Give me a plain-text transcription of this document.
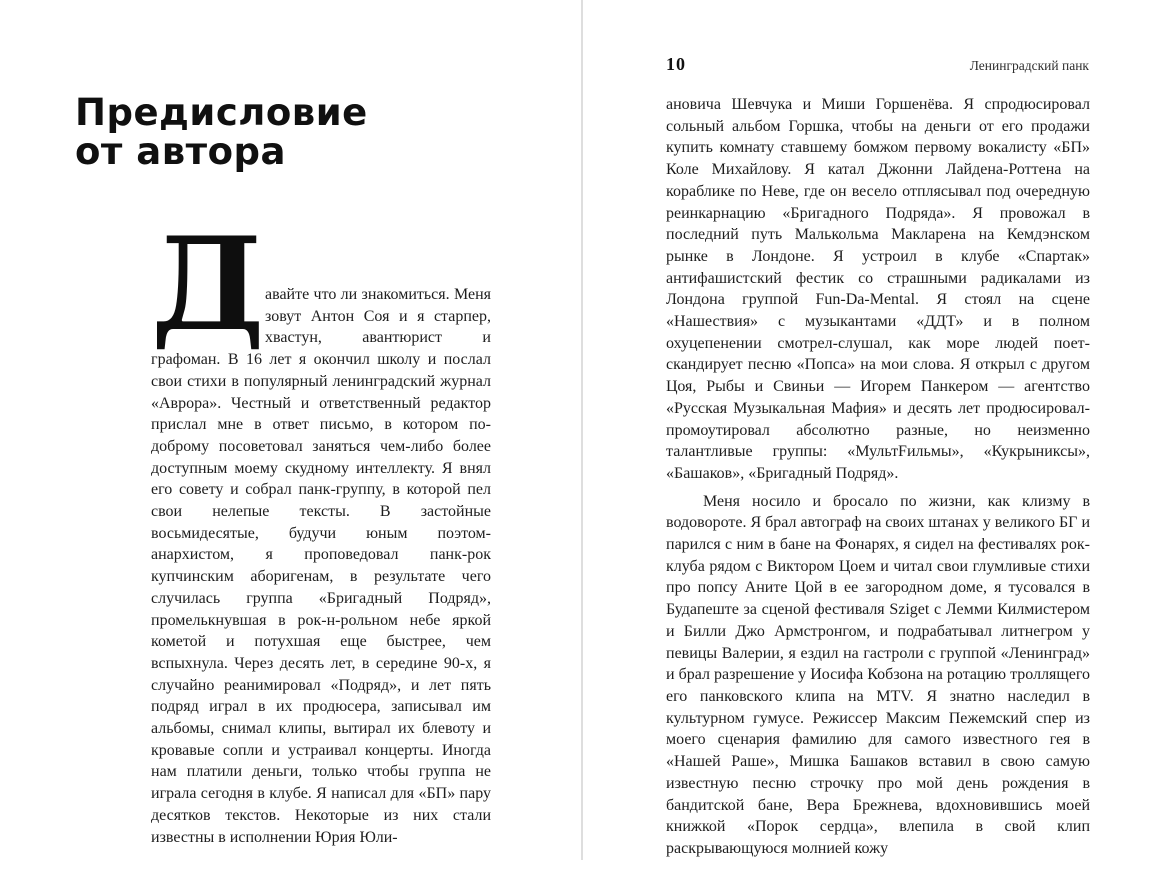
Предисловие
от автора

Давайте что ли знакомиться. Меня зовут Антон Соя и я старпер, хвастун, авантюрист и графоман. В 16 лет я окончил школу и послал свои стихи в популярный ленинградский журнал «Аврора». Честный и ответственный редактор прислал мне в ответ письмо, в котором по-доброму посоветовал заняться чем-либо более доступным моему скудному интеллекту. Я внял его совету и собрал панк-группу, в которой пел свои нелепые тексты. В застойные восьмидесятые, будучи юным поэтом-анархистом, я проповедовал панк-рок купчинским аборигенам, в результате чего случилась группа «Бригадный Подряд», промелькнувшая в рок-н-рольном небе яркой кометой и потухшая еще быстрее, чем вспыхнула. Через десять лет, в середине 90-х, я случайно реанимировал «Подряд», и лет пять подряд играл в их продюсера, записывал им альбомы, снимал клипы, вытирал их блевоту и кровавые сопли и устраивал концерты. Иногда нам платили деньги, только чтобы группа не играла сегодня в клубе. Я написал для «БП» пару десятков текстов. Некоторые из них стали известны в исполнении Юрия Юли-

10	Ленинградский панк

ановича Шевчука и Миши Горшенёва. Я спродюсировал сольный альбом Горшка, чтобы на деньги от его продажи купить комнату ставшему бомжом первому вокалисту «БП» Коле Михайлову. Я катал Джонни Лайдена-Роттена на кораблике по Неве, где он весело отплясывал под очередную реинкарнацию «Бригадного Подряда». Я провожал в последний путь Малькольма Макларена на Кемдэнском рынке в Лондоне. Я устроил в клубе «Спартак» антифашистский фестик со страшными радикалами из Лондона группой Fun-Da-Mental. Я стоял на сцене «Нашествия» с музыкантами «ДДТ» и в полном охуцепенении смотрел-слушал, как море людей поет-скандирует песню «Попса» на мои слова. Я открыл с другом Цоя, Рыбы и Свиньи — Игорем Панкером — агентство «Русская Музыкальная Мафия» и десять лет продюсировал-промоутировал абсолютно разные, но неизменно талантливые группы: «МультFильмы», «Кукрыниксы», «Башаков», «Бригадный Подряд».

Меня носило и бросало по жизни, как клизму в водовороте. Я брал автограф на своих штанах у великого БГ и парился с ним в бане на Фонарях, я сидел на фестивалях рок-клуба рядом с Виктором Цоем и читал свои глумливые стихи про попсу Аните Цой в ее загородном доме, я тусовался в Будапеште за сценой фестиваля Sziget с Лемми Килмистером и Билли Джо Армстронгом, и подрабатывал литнегром у певицы Валерии, я ездил на гастроли с группой «Ленинград» и брал разрешение у Иосифа Кобзона на ротацию троллящего его панковского клипа на MTV. Я знатно наследил в культурном гумусе. Режиссер Максим Пежемский спер из моего сценария фамилию для самого известного гея в «Нашей Раше», Мишка Башаков вставил в свою самую известную песню строчку про мой день рождения в бандитской бане, Вера Брежнева, вдохновившись моей книжкой «Порок сердца», влепила в свой клип раскрывающуюся молнией кожу
